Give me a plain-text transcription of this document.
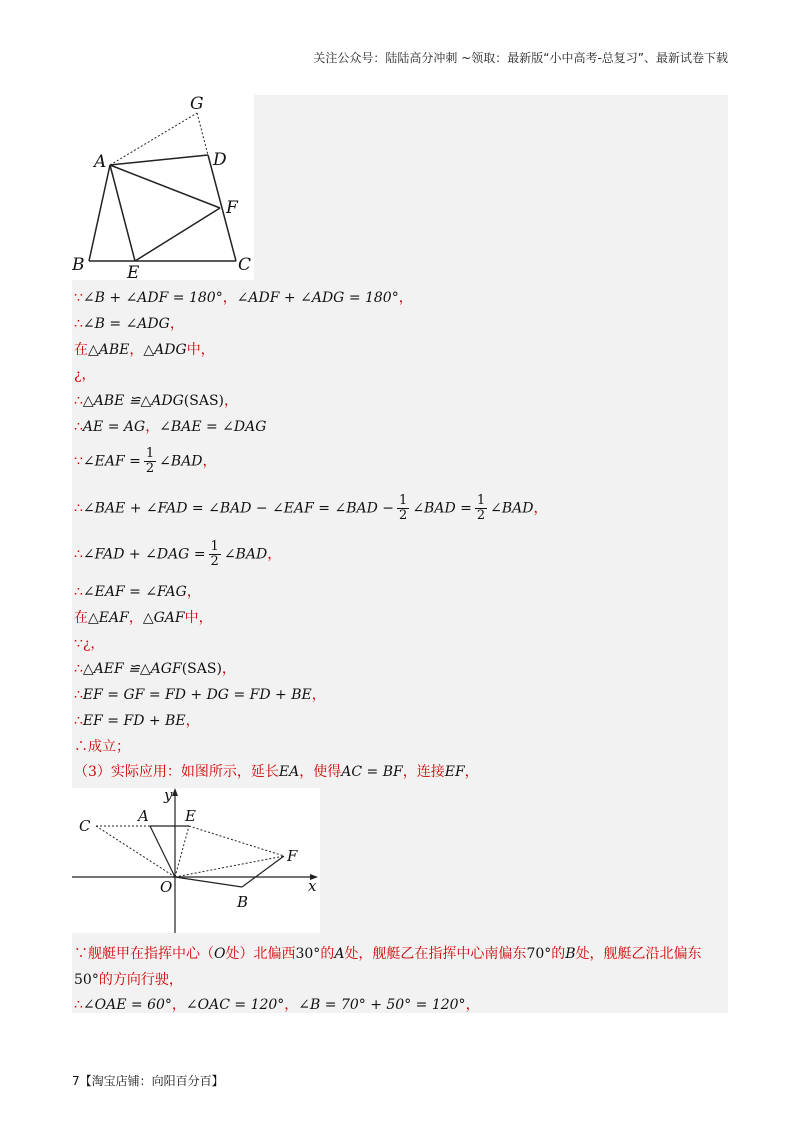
关注公众号：陆陆高分冲刺 ~领取：最新版“小中高考-总复习”、最新试卷下载
G
A	D
F
B	E	C
∵∠B + ∠ADF = 180°，∠ADF + ∠ADG = 180°，
∴∠B = ∠ADG，
在△ABE，△ADG中，
¿，
∴△ABE ≌△ADG(SAS)，
∴AE = AG，∠BAE = ∠DAG
∵∠EAF = $\frac{1}{2}$ ∠BAD，
∴∠BAE + ∠FAD = ∠BAD − ∠EAF = ∠BAD − $\frac{1}{2}$ ∠BAD = $\frac{1}{2}$ ∠BAD，
∴∠FAD + ∠DAG = $\frac{1}{2}$ ∠BAD，
∴∠EAF = ∠FAG，
在△EAF，△GAF中，
∵¿，
∴△AEF ≌△AGF(SAS)，
∴EF = GF = FD + DG = FD + BE，
∴EF = FD + BE，
∴成立；
（3）实际应用：如图所示，延长EA，使得AC = BF，连接EF，
y
x
C
A E
F
O
B
∵舰艇甲在指挥中心（O处）北偏西30°的A处，舰艇乙在指挥中心南偏东70°的B处，舰艇乙沿北偏东
50°的方向行驶，
∴∠OAE = 60°，∠OAC = 120°，∠B = 70° + 50° = 120°，
7【淘宝店铺：向阳百分百】
